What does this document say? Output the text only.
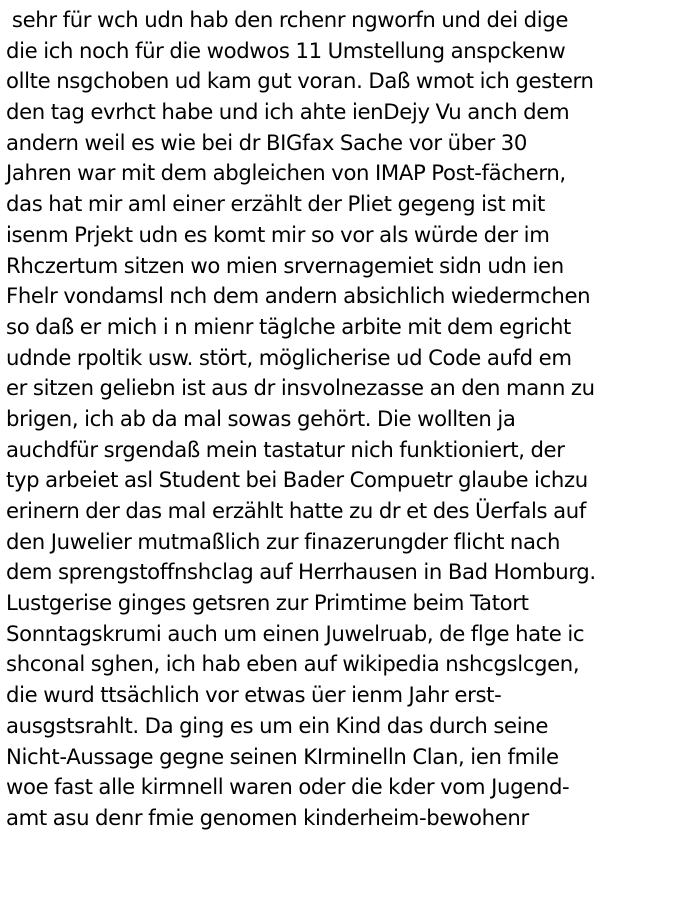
sehr für wch udn hab den rchenr ngworfn und dei dige
die ich noch für die wodwos 11 Umstellung anspckenw
ollte nsgchoben ud kam gut voran. Daß wmot ich gestern
den tag evrhct habe und ich ahte ienDejy Vu anch dem
andern weil es wie bei dr BIGfax Sache vor über 30
Jahren war mit dem abgleichen von IMAP Post-fächern,
das hat mir aml einer erzählt der Pliet gegeng ist mit
isenm Prjekt udn es komt mir so vor als würde der im
Rhczertum sitzen wo mien srvernagemiet sidn udn ien
Fhelr vondamsl nch dem andern absichlich wiedermchen
so daß er mich i n mienr täglche arbite mit dem egricht
udnde rpoltik usw. stört, möglicherise ud Code aufd em
er sitzen geliebn ist aus dr insvolnezasse an den mann zu
brigen, ich ab da mal sowas gehört. Die wollten ja
auchdfür srgendaß mein tastatur nich funktioniert, der
typ arbeiet asl Student bei Bader Compuetr glaube ichzu
erinern der das mal erzählt hatte zu dr et des Üerfals auf
den Juwelier mutmaßlich zur finazerungder flicht nach
dem sprengstoffnshclag auf Herrhausen in Bad Homburg.
Lustgerise ginges getsren zur Primtime beim Tatort
Sonntagskrumi auch um einen Juwelruab, de flge hate ic
shconal sghen, ich hab eben auf wikipedia nshcgslcgen,
die wurd ttsächlich vor etwas üer ienm Jahr erst-
ausgstsrahlt. Da ging es um ein Kind das durch seine
Nicht-Aussage gegne seinen KIrminelln Clan, ien fmile
woe fast alle kirmnell waren oder die kder vom Jugend-
amt asu denr fmie genomen kinderheim-bewohenr
